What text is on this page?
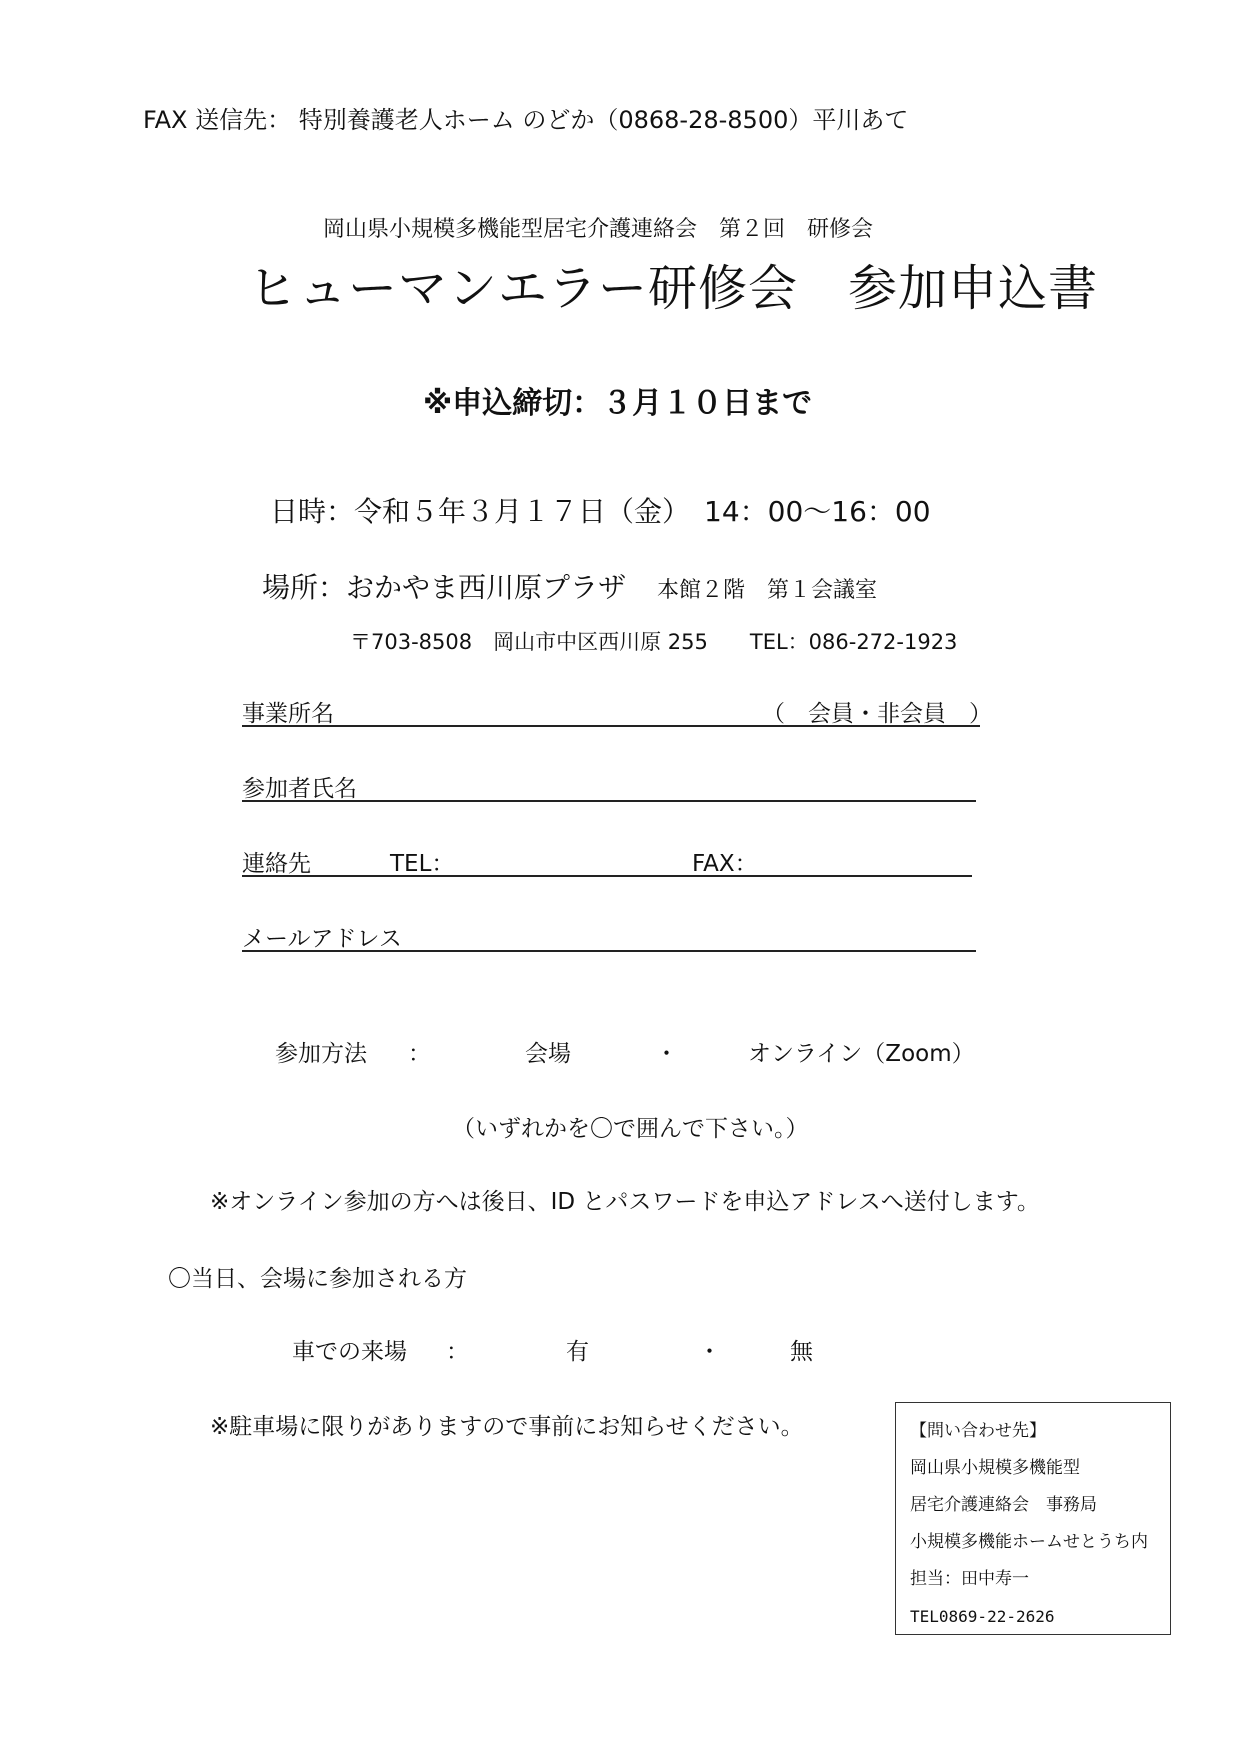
FAX 送信先： 特別養護老人ホーム のどか（0868-28-8500）平川あて
岡山県小規模多機能型居宅介護連絡会　第２回　研修会
ヒューマンエラー研修会　参加申込書
※申込締切：３月１０日まで
日時：令和５年３月１７日（金）　14：00～16：00
場所：おかやま西川原プラザ 　 本館２階　第１会議室
〒703-8508　岡山市中区西川原 255　　TEL：086-272-1923
事業所名	（　会員・非会員　）
参加者氏名
連絡先	TEL：	FAX：
メールアドレス
参加方法 ：	会場	・	オンライン（Zoom）
（いずれかを〇で囲んで下さい。）
※オンライン参加の方へは後日、ID とパスワードを申込アドレスへ送付します。
〇当日、会場に参加される方
車での来場 ：	有	・	無
※駐車場に限りがありますので事前にお知らせください。	【問い合わせ先】
岡山県小規模多機能型
居宅介護連絡会　事務局
小規模多機能ホームせとうち内
担当：田中寿一
TEL0869-22-2626
